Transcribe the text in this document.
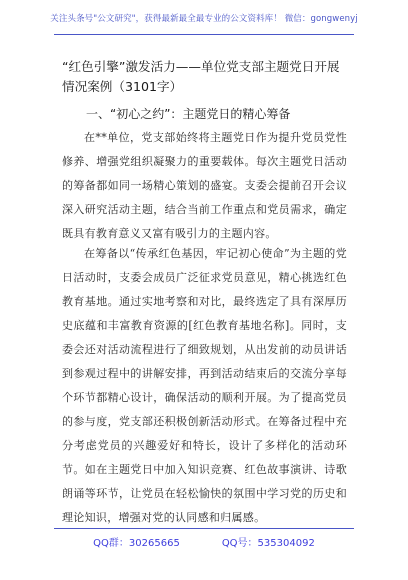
关注头条号"公文研究"，获得最新最全最专业的公文资料库！ 微信：gongwenyj
“红色引擎”激发活力——单位党支部主题党日开展情况案例（3101字）
一、“初心之约”：主题党日的精心筹备
在**单位，党支部始终将主题党日作为提升党员党性修养、增强党组织凝聚力的重要载体。每次主题党日活动的筹备都如同一场精心策划的盛宴。支委会提前召开会议深入研究活动主题，结合当前工作重点和党员需求，确定既具有教育意义又富有吸引力的主题内容。
在筹备以“传承红色基因，牢记初心使命”为主题的党日活动时，支委会成员广泛征求党员意见，精心挑选红色教育基地。通过实地考察和对比，最终选定了具有深厚历史底蕴和丰富教育资源的[红色教育基地名称]。同时，支委会还对活动流程进行了细致规划，从出发前的动员讲话到参观过程中的讲解安排，再到活动结束后的交流分享每个环节都精心设计，确保活动的顺利开展。为了提高党员的参与度，党支部还积极创新活动形式。在筹备过程中充分考虑党员的兴趣爱好和特长，设计了多样化的活动环节。如在主题党日中加入知识竞赛、红色故事演讲、诗歌朗诵等环节，让党员在轻松愉快的氛围中学习党的历史和理论知识，增强对党的认同感和归属感。
QQ群：30265665	QQ号：535304092
